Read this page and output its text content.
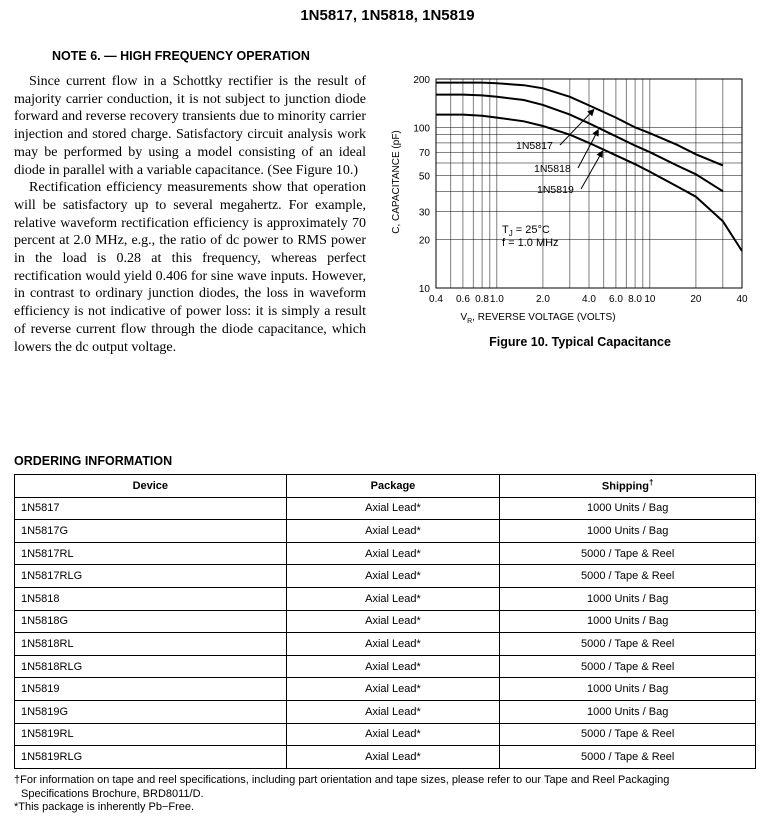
1N5817, 1N5818, 1N5819
NOTE 6. — HIGH FREQUENCY OPERATION

Since current flow in a Schottky rectifier is the result of majority carrier conduction, it is not subject to junction diode forward and reverse recovery transients due to minority carrier injection and stored charge. Satisfactory circuit analysis work may be performed by using a model consisting of an ideal diode in parallel with a variable capacitance. (See Figure 10.)

Rectification efficiency measurements show that operation will be satisfactory up to several megahertz. For example, relative waveform rectification efficiency is approximately 70 percent at 2.0 MHz, e.g., the ratio of dc power to RMS power in the load is 0.28 at this frequency, whereas perfect rectification would yield 0.406 for sine wave inputs. However, in contrast to ordinary junction diodes, the loss in waveform efficiency is not indicative of power loss: it is simply a result of reverse current flow through the diode capacitance, which lowers the dc output voltage.

0.4 0.6 0.8 1.0	2.0	4.0 6.0 8.0 10	20	40
10
20
30
50
70
100
200
C, CAPACITANCE (pF)
$V_R$, REVERSE VOLTAGE (VOLTS)
$T_J = 25^\circ C$
f = 1.0 MHz
1N5817
1N5818
1N5819
Figure 10. Typical Capacitance
ORDERING INFORMATION
Device	Package	Shipping†
1N5817	Axial Lead*	1000 Units / Bag
1N5817G	Axial Lead*	1000 Units / Bag
1N5817RL	Axial Lead*	5000 / Tape & Reel
1N5817RLG	Axial Lead*	5000 / Tape & Reel
1N5818	Axial Lead*	1000 Units / Bag
1N5818G	Axial Lead*	1000 Units / Bag
1N5818RL	Axial Lead*	5000 / Tape & Reel
1N5818RLG	Axial Lead*	5000 / Tape & Reel
1N5819	Axial Lead*	1000 Units / Bag
1N5819G	Axial Lead*	1000 Units / Bag
1N5819RL	Axial Lead*	5000 / Tape & Reel
1N5819RLG	Axial Lead*	5000 / Tape & Reel
†For information on tape and reel specifications, including part orientation and tape sizes, please refer to our Tape and Reel Packaging
Specifications Brochure, BRD8011/D.
*This package is inherently Pb−Free.
